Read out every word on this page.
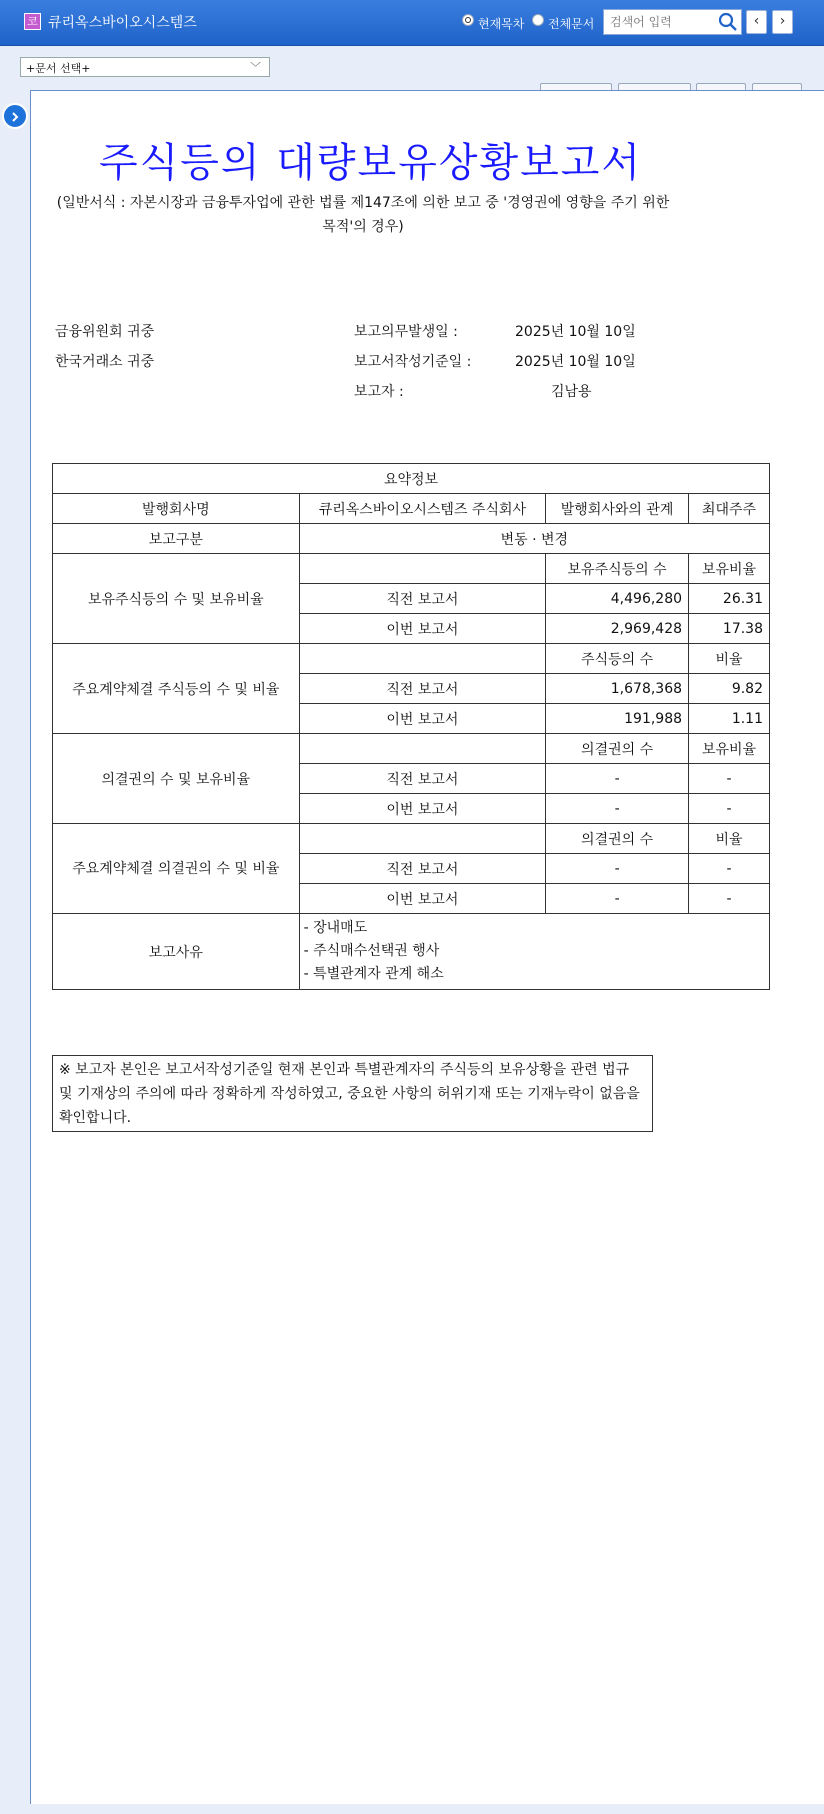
코 큐리옥스바이오시스템즈	현재목차 전체문서
검색어 입력	‹	›
+문서 선택+	﹀
주식등의 대량보유상황보고서
(일반서식 : 자본시장과 금융투자업에 관한 법률 제147조에 의한 보고 중 '경영권에 영향을 주기 위한 목적'의 경우)
금융위원회 귀중
한국거래소 귀중
보고의무발생일 :	2025년 10월 10일
보고서작성기준일 :	2025년 10월 10일
보고자 :	김남용
요약정보			
발행회사명	큐리옥스바이오시스템즈 주식회사	발행회사와의 관계	최대주주
보고구분	변동 · 변경		
보유주식등의 수 및 보유비율		보유주식등의 수	보유비율
	직전 보고서	4,496,280	26.31
	이번 보고서	2,969,428	17.38
주요계약체결 주식등의 수 및 비율		주식등의 수	비율
	직전 보고서	1,678,368	9.82
	이번 보고서	191,988	1.11
의결권의 수 및 보유비율		의결권의 수	보유비율
	직전 보고서	-	-
	이번 보고서	-	-
주요계약체결 의결권의 수 및 비율		의결권의 수	비율
	직전 보고서	-	-
	이번 보고서	-	-
보고사유	- 장내매도
- 주식매수선택권 행사
- 특별관계자 관계 해소		
※ 보고자 본인은 보고서작성기준일 현재 본인과 특별관계자의 주식등의 보유상황을 관련 법규 및 기재상의 주의에 따라 정확하게 작성하였고, 중요한 사항의 허위기재 또는 기재누락이 없음을 확인합니다.
